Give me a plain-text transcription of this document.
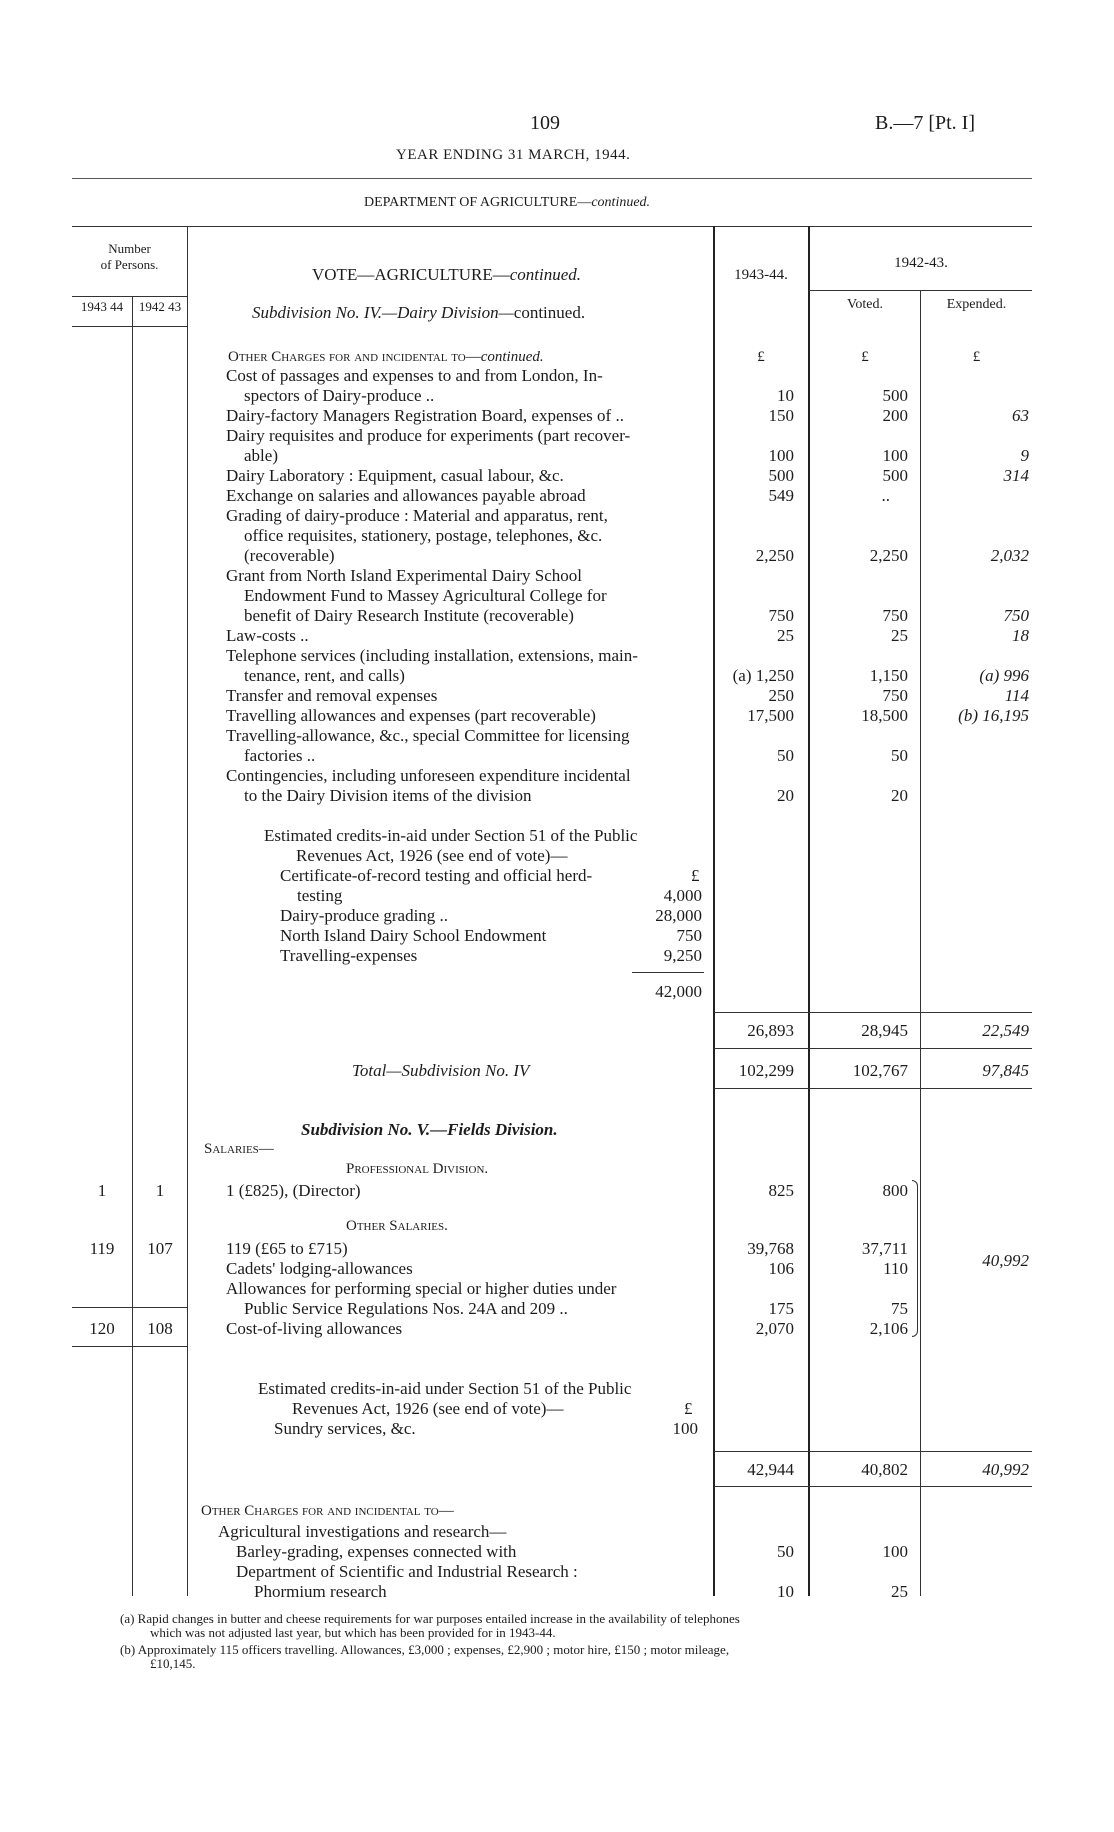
109	B.—7 [Pt. I]
YEAR ENDING 31 MARCH, 1944.
DEPARTMENT OF AGRICULTURE—continued.
Number
of Persons.
1943 44	1942 43
VOTE—AGRICULTURE—continued.
Subdivision No. IV.—Dairy Division—continued.
1943-44.
1942-43.
Voted.	Expended.
Other Charges for and incidental to—continued.	£	£	£
Cost of passages and expenses to and from London, In-
spectors of Dairy-produce ..	10	500
Dairy-factory Managers Registration Board, expenses of ..	150	200	63
Dairy requisites and produce for experiments (part recover-
able)	100	100	9
Dairy Laboratory : Equipment, casual labour, &c.	500	500	314
Exchange on salaries and allowances payable abroad	549	..
Grading of dairy-produce : Material and apparatus, rent,
office requisites, stationery, postage, telephones, &c.
(recoverable)	2,250	2,250	2,032
Grant from North Island Experimental Dairy School
Endowment Fund to Massey Agricultural College for
benefit of Dairy Research Institute (recoverable)	750	750	750
Law-costs ..	25	25	18
Telephone services (including installation, extensions, main-
tenance, rent, and calls)	(a) 1,250	1,150	(a) 996
Transfer and removal expenses	250	750	114
Travelling allowances and expenses (part recoverable)	17,500	18,500	(b) 16,195
Travelling-allowance, &c., special Committee for licensing
factories ..	50	50
Contingencies, including unforeseen expenditure incidental
to the Dairy Division items of the division	20	20
Estimated credits-in-aid under Section 51 of the Public
Revenues Act, 1926 (see end of vote)—
Certificate-of-record testing and official herd-	£
testing	4,000
Dairy-produce grading ..	28,000
North Island Dairy School Endowment	750
Travelling-expenses	9,250
42,000
26,893	28,945	22,549
Total—Subdivision No. IV	102,299	102,767	97,845
Subdivision No. V.—Fields Division.
Salaries—
Professional Division.
1	1	1 (£825), (Director)	825	800
Other Salaries.
119	107	119 (£65 to £715)	39,768	37,711
Cadets' lodging-allowances	106	110
Allowances for performing special or higher duties under
Public Service Regulations Nos. 24A and 209 ..	175	75
120	108	Cost-of-living allowances	2,070	2,106
40,992
Estimated credits-in-aid under Section 51 of the Public
Revenues Act, 1926 (see end of vote)—	£
Sundry services, &c.	100
42,944	40,802	40,992
Other Charges for and incidental to—
Agricultural investigations and research—
Barley-grading, expenses connected with	50	100
Department of Scientific and Industrial Research :
Phormium research	10	25
(a) Rapid changes in butter and cheese requirements for war purposes entailed increase in the availability of telephones
which was not adjusted last year, but which has been provided for in 1943-44.
(b) Approximately 115 officers travelling. Allowances, £3,000 ; expenses, £2,900 ; motor hire, £150 ; motor mileage,
£10,145.
